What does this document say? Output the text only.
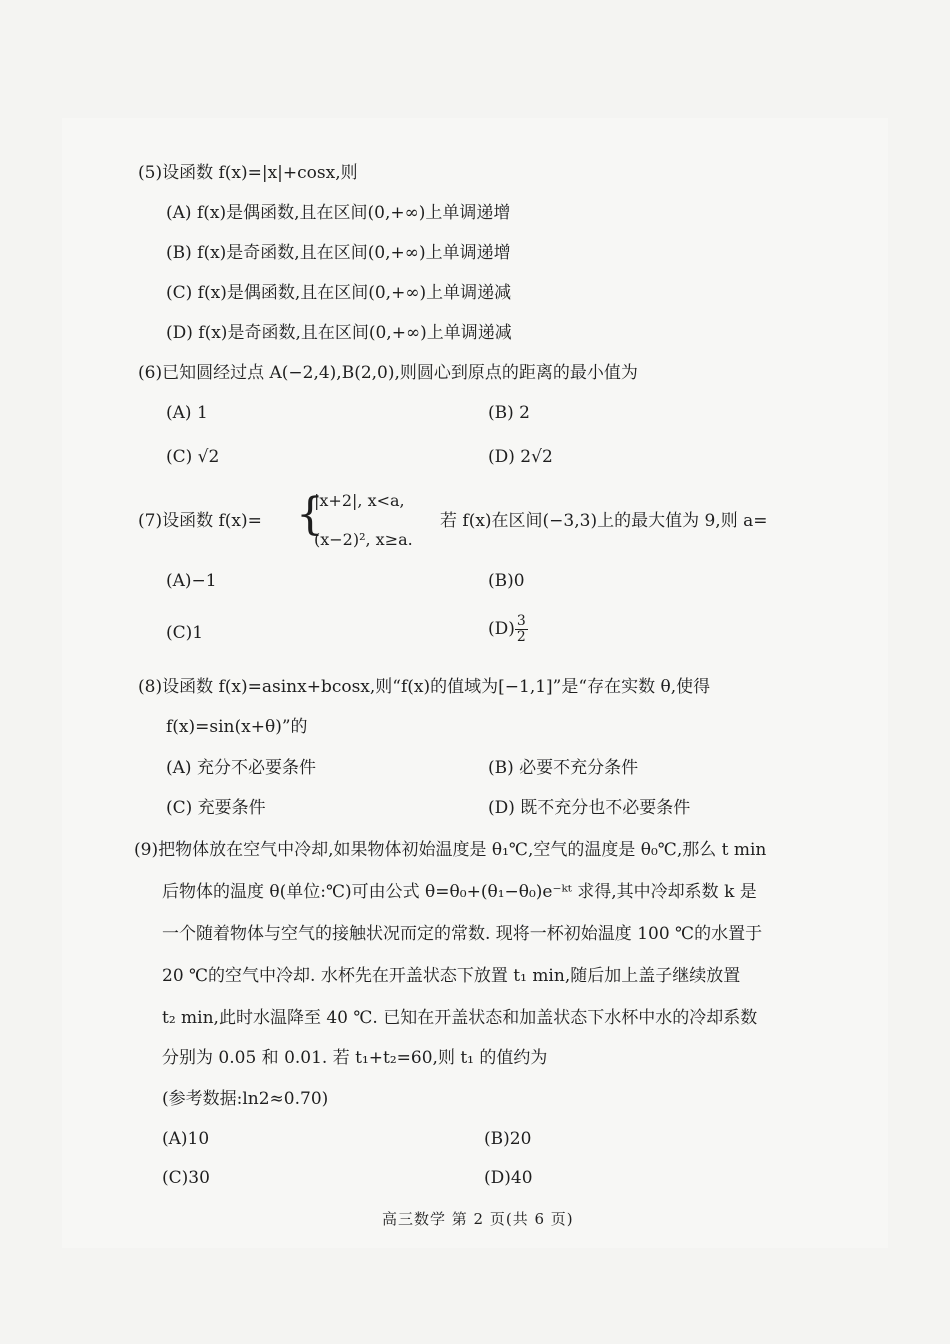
(5)设函数 f(x)=|x|+cosx,则
(A) f(x)是偶函数,且在区间(0,+∞)上单调递增
(B) f(x)是奇函数,且在区间(0,+∞)上单调递增
(C) f(x)是偶函数,且在区间(0,+∞)上单调递减
(D) f(x)是奇函数,且在区间(0,+∞)上单调递减
(6)已知圆经过点 A(−2,4),B(2,0),则圆心到原点的距离的最小值为
(A) 1	(B) 2
(C) √2	(D) 2√2
(7)设函数 f(x)= {
|x+2|, x<a,
(x−2)², x≥a.
若 f(x)在区间(−3,3)上的最大值为 9,则 a=
(A)−1	(B)0
(C)1	$(D) \frac{3}{2}$
(8)设函数 f(x)=asinx+bcosx,则“f(x)的值域为[−1,1]”是“存在实数 θ,使得
f(x)=sin(x+θ)”的
(A) 充分不必要条件	(B) 必要不充分条件
(C) 充要条件	(D) 既不充分也不必要条件
(9)把物体放在空气中冷却,如果物体初始温度是 θ₁℃,空气的温度是 θ₀℃,那么 t min
后物体的温度 θ(单位:℃)可由公式 θ=θ₀+(θ₁−θ₀)e⁻ᵏᵗ 求得,其中冷却系数 k 是
一个随着物体与空气的接触状况而定的常数. 现将一杯初始温度 100 ℃的水置于
20 ℃的空气中冷却. 水杯先在开盖状态下放置 t₁ min,随后加上盖子继续放置
t₂ min,此时水温降至 40 ℃. 已知在开盖状态和加盖状态下水杯中水的冷却系数
分别为 0.05 和 0.01. 若 t₁+t₂=60,则 t₁ 的值约为
(参考数据:ln2≈0.70)
(A)10	(B)20
(C)30	(D)40
高三数学 第 2 页(共 6 页)
